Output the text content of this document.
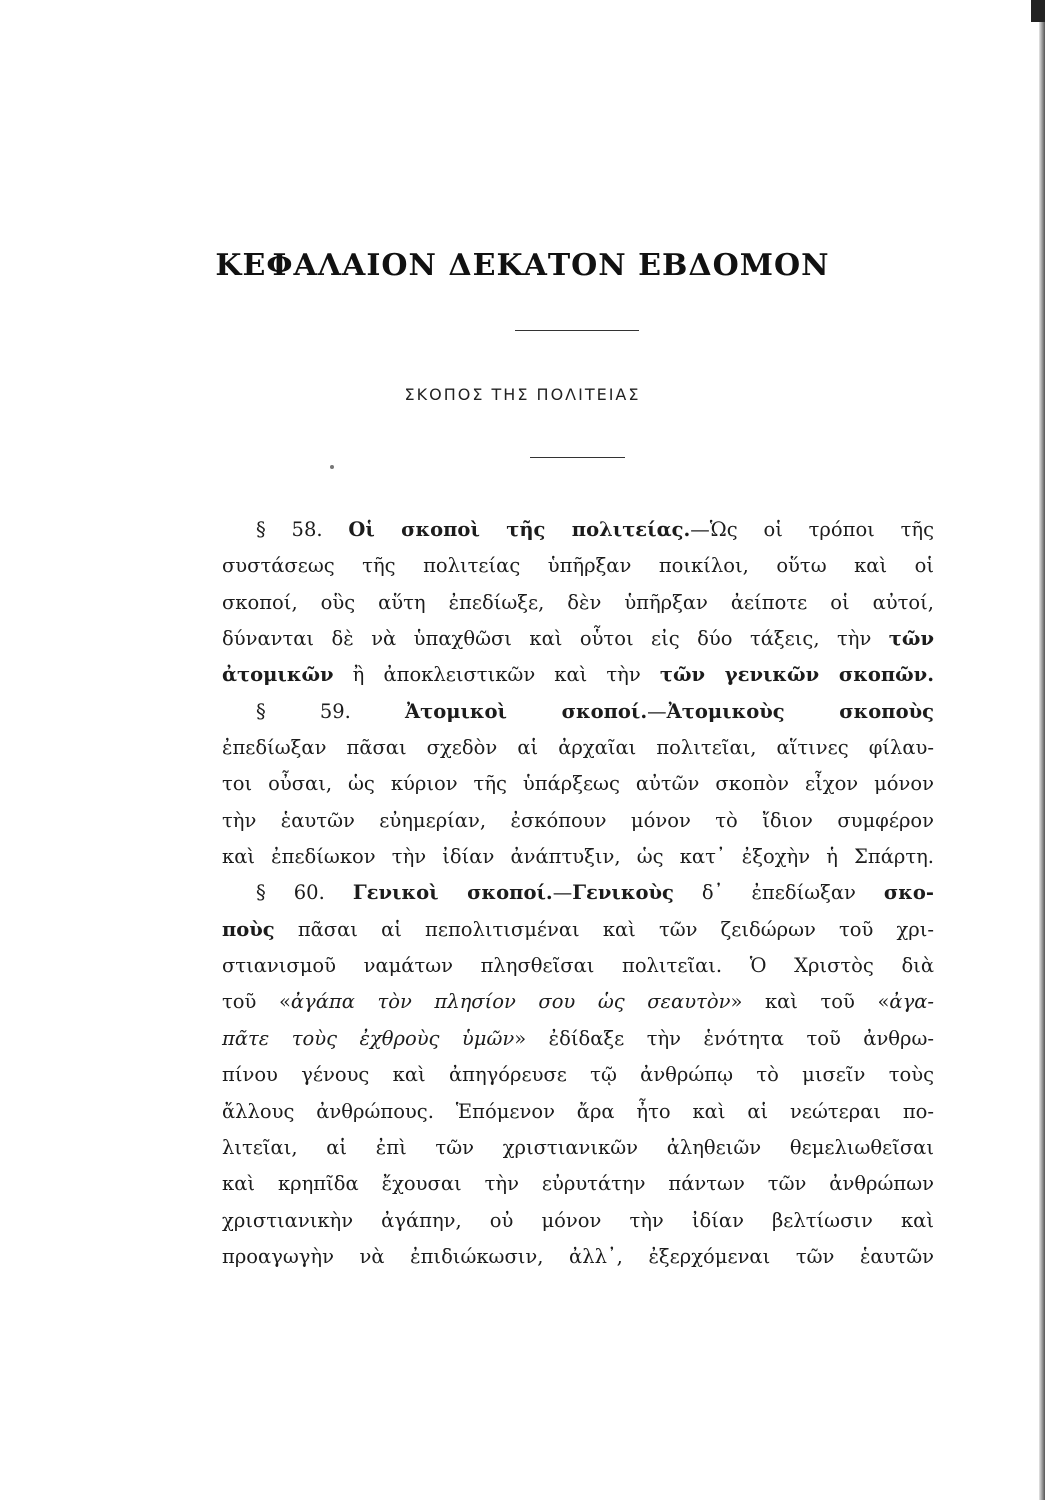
ΚΕΦΑΛΑΙΟΝ ΔΕΚΑΤΟΝ ΕΒΔΟΜΟΝ
ΣΚΟΠΟΣ ΤΗΣ ΠΟΛΙΤΕΙΑΣ
§ 58. Οἱ σκοποὶ τῆς πολιτείας.—Ὡς οἱ τρόποι τῆς
συστάσεως τῆς πολιτείας ὑπῆρξαν ποικίλοι, οὕτω καὶ οἱ
σκοποί, οὓς αὕτη ἐπεδίωξε, δὲν ὑπῆρξαν ἀείποτε οἱ αὐτοί,
δύνανται δὲ νὰ ὑπαχθῶσι καὶ οὗτοι εἰς δύο τάξεις, τὴν τῶν
ἀτομικῶν ἢ ἀποκλειστικῶν καὶ τὴν τῶν γενικῶν σκοπῶν.
§ 59.	Ἀτομικοὶ σκοποί.—Ἀτομικοὺς σκοποὺς
ἐπεδίωξαν πᾶσαι σχεδὸν αἱ ἀρχαῖαι πολιτεῖαι, αἵτινες φίλαυ-
τοι οὖσαι, ὡς κύριον τῆς ὑπάρξεως αὐτῶν σκοπὸν εἶχον μόνον
τὴν ἑαυτῶν εὐημερίαν, ἐσκόπουν μόνον τὸ ἴδιον συμφέρον
καὶ ἐπεδίωκον τὴν ἰδίαν ἀνάπτυξιν, ὡς κατ᾽ ἐξοχὴν ἡ Σπάρτη.
§ 60. Γενικοὶ σκοποί.—Γενικοὺς δ᾽ ἐπεδίωξαν σκο-
ποὺς πᾶσαι αἱ πεπολιτισμέναι καὶ τῶν ζειδώρων τοῦ χρι-
στιανισμοῦ ναμάτων πλησθεῖσαι πολιτεῖαι. Ὁ Χριστὸς διὰ
τοῦ «ἀγάπα τὸν πλησίον σου ὡς σεαυτὸν» καὶ τοῦ «ἀγα-
πᾶτε τοὺς ἐχθροὺς ὑμῶν» ἐδίδαξε τὴν ἑνότητα τοῦ ἀνθρω-
πίνου γένους καὶ ἀπηγόρευσε τῷ ἀνθρώπῳ τὸ μισεῖν τοὺς
ἄλλους ἀνθρώπους. Ἑπόμενον ἄρα ἦτο καὶ αἱ νεώτεραι πο-
λιτεῖαι, αἱ ἐπὶ τῶν χριστιανικῶν ἀληθειῶν θεμελιωθεῖσαι
καὶ κρηπῖδα ἔχουσαι τὴν εὐρυτάτην πάντων τῶν ἀνθρώπων
χριστιανικὴν ἀγάπην, οὐ μόνον τὴν ἰδίαν βελτίωσιν καὶ
προαγωγὴν νὰ ἐπιδιώκωσιν, ἀλλ᾽, ἐξερχόμεναι τῶν ἑαυτῶν
